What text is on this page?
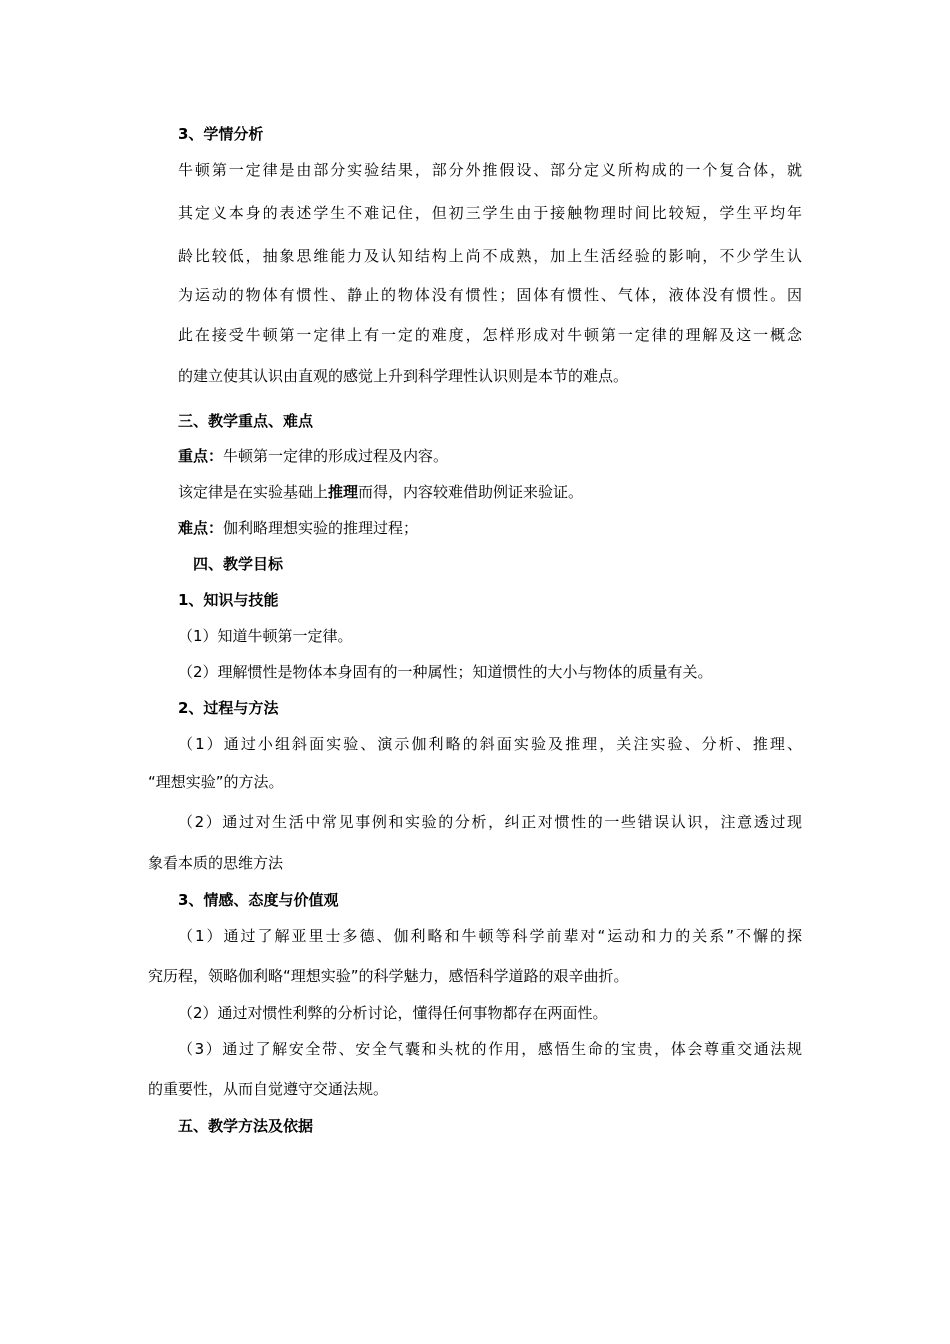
3、学情分析
牛顿第一定律是由部分实验结果，部分外推假设、部分定义所构成的一个复合体，就
其定义本身的表述学生不难记住，但初三学生由于接触物理时间比较短，学生平均年
龄比较低，抽象思维能力及认知结构上尚不成熟，加上生活经验的影响，不少学生认
为运动的物体有惯性、静止的物体没有惯性；固体有惯性、气体，液体没有惯性。因
此在接受牛顿第一定律上有一定的难度，怎样形成对牛顿第一定律的理解及这一概念
的建立使其认识由直观的感觉上升到科学理性认识则是本节的难点。
三、教学重点、难点
重点：牛顿第一定律的形成过程及内容。
该定律是在实验基础上推理而得，内容较难借助例证来验证。
难点：伽利略理想实验的推理过程；
四、教学目标
1、知识与技能
（1）知道牛顿第一定律。
（2）理解惯性是物体本身固有的一种属性；知道惯性的大小与物体的质量有关。
2、过程与方法
（1）通过小组斜面实验、演示伽利略的斜面实验及推理，关注实验、分析、推理、
“理想实验”的方法。
（2）通过对生活中常见事例和实验的分析，纠正对惯性的一些错误认识，注意透过现
象看本质的思维方法
3、情感、态度与价值观
（1）通过了解亚里士多德、伽利略和牛顿等科学前辈对“运动和力的关系”不懈的探
究历程，领略伽利略“理想实验”的科学魅力，感悟科学道路的艰辛曲折。
（2）通过对惯性利弊的分析讨论，懂得任何事物都存在两面性。
（3）通过了解安全带、安全气囊和头枕的作用，感悟生命的宝贵，体会尊重交通法规
的重要性，从而自觉遵守交通法规。
五、教学方法及依据
